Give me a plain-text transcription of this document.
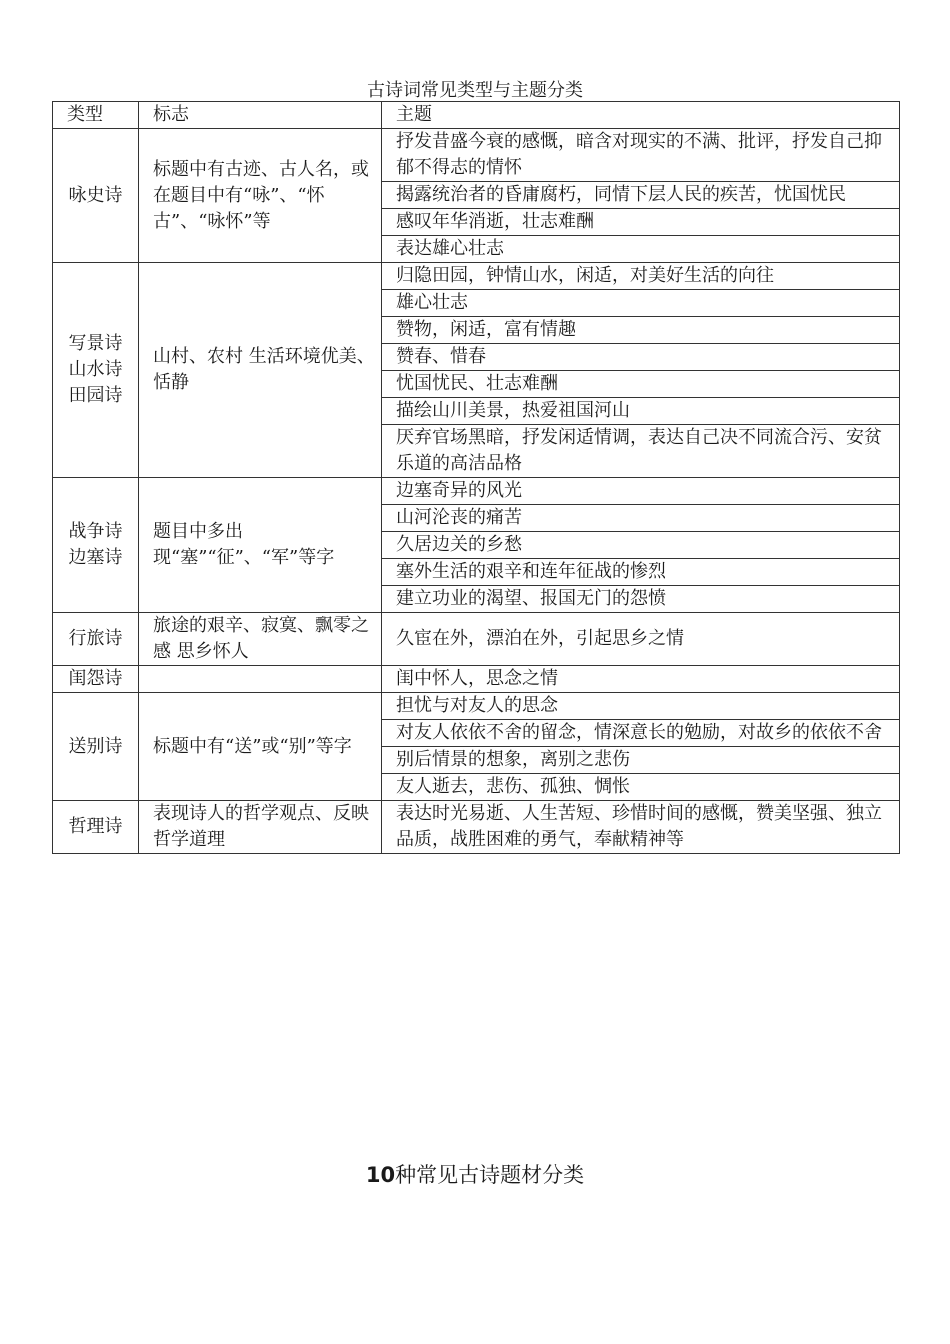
古诗词常见类型与主题分类
类型	标志	主题
咏史诗	标题中有古迹、古人名，或在题目中有“咏”、“怀古”、“咏怀”等	抒发昔盛今衰的感慨，暗含对现实的不满、批评，抒发自己抑郁不得志的情怀
		揭露统治者的昏庸腐朽，同情下层人民的疾苦，忧国忧民
		感叹年华消逝，壮志难酬
		表达雄心壮志
写景诗 山水诗 田园诗	山村、农村 生活环境优美、恬静	归隐田园，钟情山水，闲适，对美好生活的向往
		雄心壮志
		赞物，闲适，富有情趣
		赞春、惜春
		忧国忧民、壮志难酬
		描绘山川美景，热爱祖国河山
		厌弃官场黑暗，抒发闲适情调，表达自己决不同流合污、安贫乐道的高洁品格
战争诗 边塞诗	题目中多出现“塞”“征”、“军”等字	边塞奇异的风光
		山河沦丧的痛苦
		久居边关的乡愁
		塞外生活的艰辛和连年征战的惨烈
		建立功业的渴望、报国无门的怨愤
行旅诗	旅途的艰辛、寂寞、飘零之感 思乡怀人	久宦在外，漂泊在外，引起思乡之情
闺怨诗		闺中怀人，思念之情
送别诗	标题中有“送”或“别”等字	担忧与对友人的思念
		对友人依依不舍的留念，情深意长的勉励，对故乡的依依不舍
		别后情景的想象，离别之悲伤
		友人逝去，悲伤、孤独、惆怅
哲理诗	表现诗人的哲学观点、反映哲学道理	表达时光易逝、人生苦短、珍惜时间的感慨，赞美坚强、独立品质，战胜困难的勇气，奉献精神等
10种常见古诗题材分类
